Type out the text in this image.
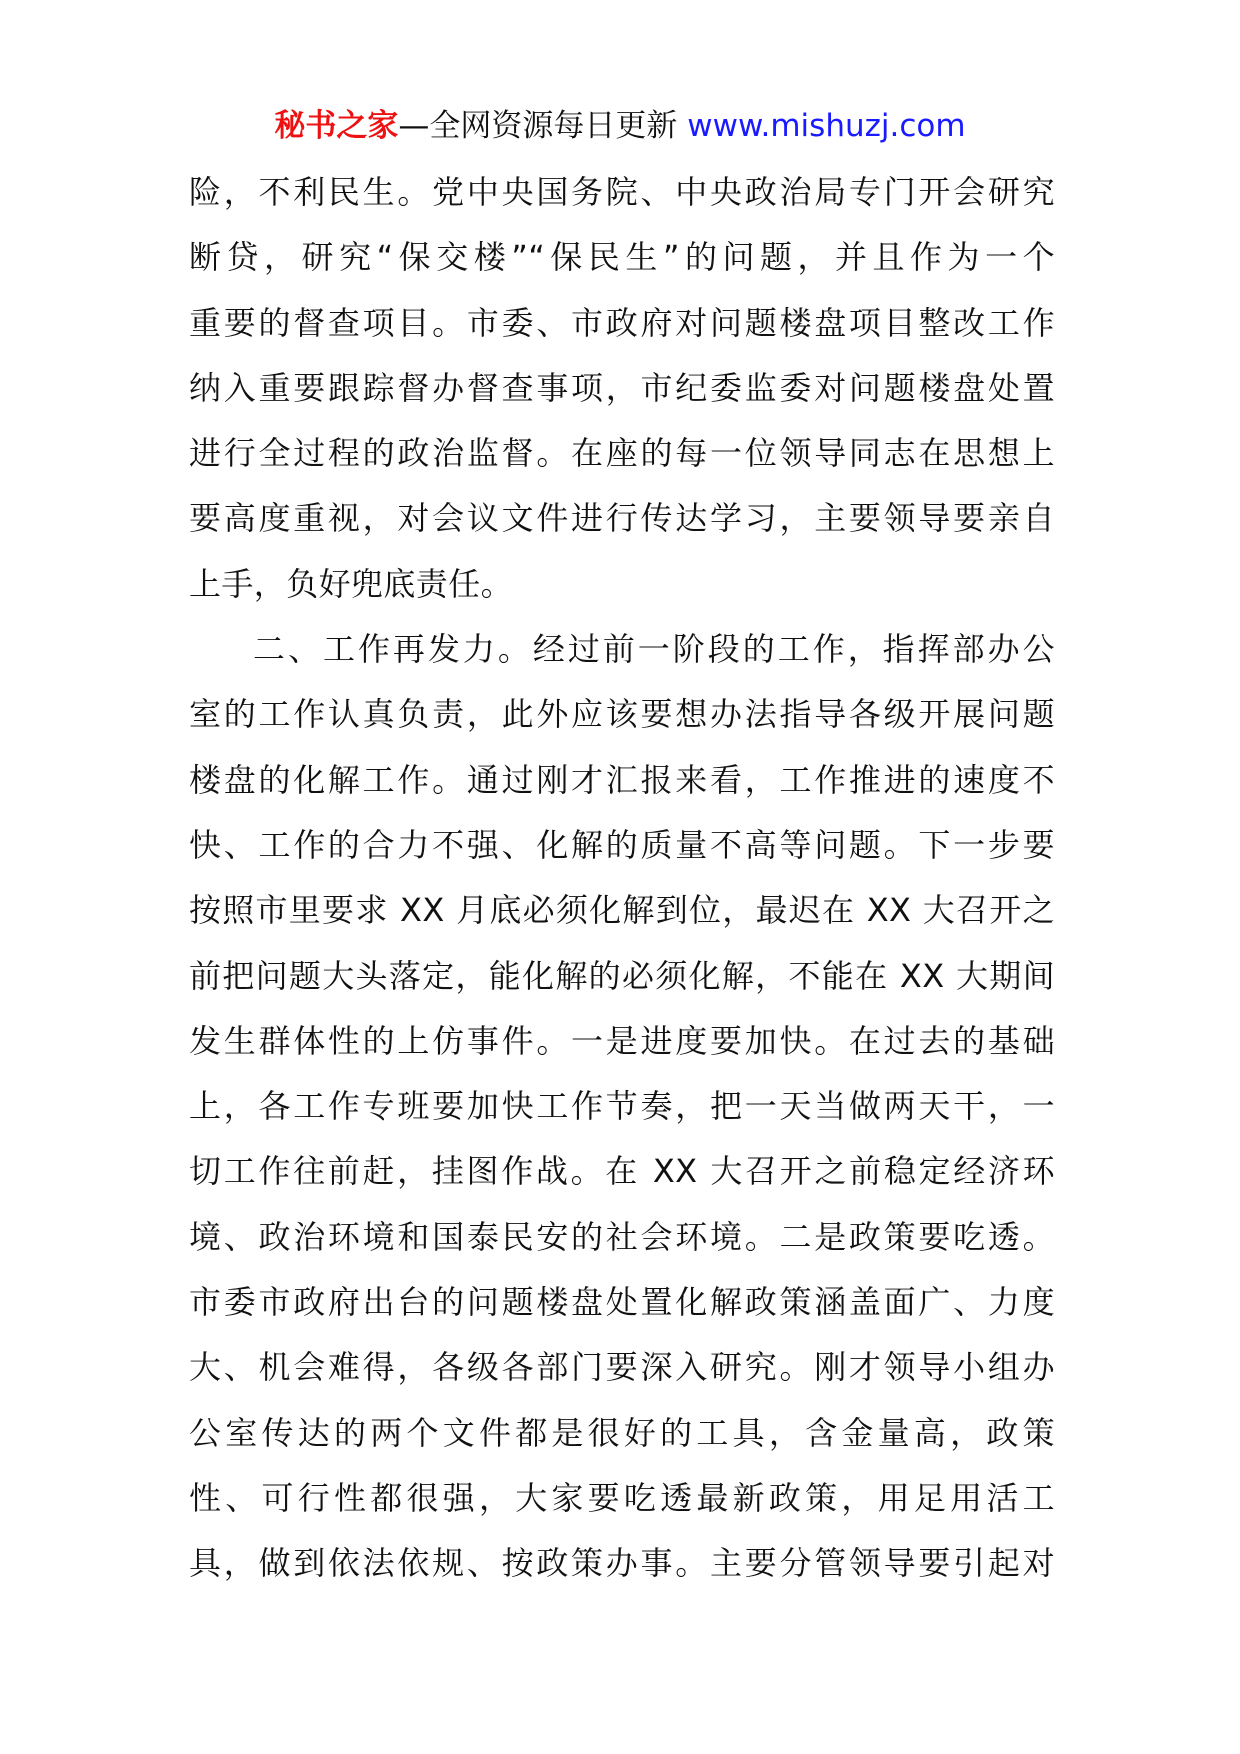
秘书之家—全网资源每日更新 www.mishuzj.com
险，不利民生。党中央国务院、中央政治局专门开会研究
断贷，研究“保交楼”“保民生”的问题，并且作为一个
重要的督查项目。市委、市政府对问题楼盘项目整改工作
纳入重要跟踪督办督查事项，市纪委监委对问题楼盘处置
进行全过程的政治监督。在座的每一位领导同志在思想上
要高度重视，对会议文件进行传达学习，主要领导要亲自
上手，负好兜底责任。
二、工作再发力。经过前一阶段的工作，指挥部办公
室的工作认真负责，此外应该要想办法指导各级开展问题
楼盘的化解工作。通过刚才汇报来看，工作推进的速度不
快、工作的合力不强、化解的质量不高等问题。下一步要
按照市里要求 XX 月底必须化解到位，最迟在 XX 大召开之
前把问题大头落定，能化解的必须化解，不能在 XX 大期间
发生群体性的上仿事件。一是进度要加快。在过去的基础
上，各工作专班要加快工作节奏，把一天当做两天干，一
切工作往前赶，挂图作战。在 XX 大召开之前稳定经济环
境、政治环境和国泰民安的社会环境。二是政策要吃透。
市委市政府出台的问题楼盘处置化解政策涵盖面广、力度
大、机会难得，各级各部门要深入研究。刚才领导小组办
公室传达的两个文件都是很好的工具，含金量高，政策
性、可行性都很强，大家要吃透最新政策，用足用活工
具，做到依法依规、按政策办事。主要分管领导要引起对
